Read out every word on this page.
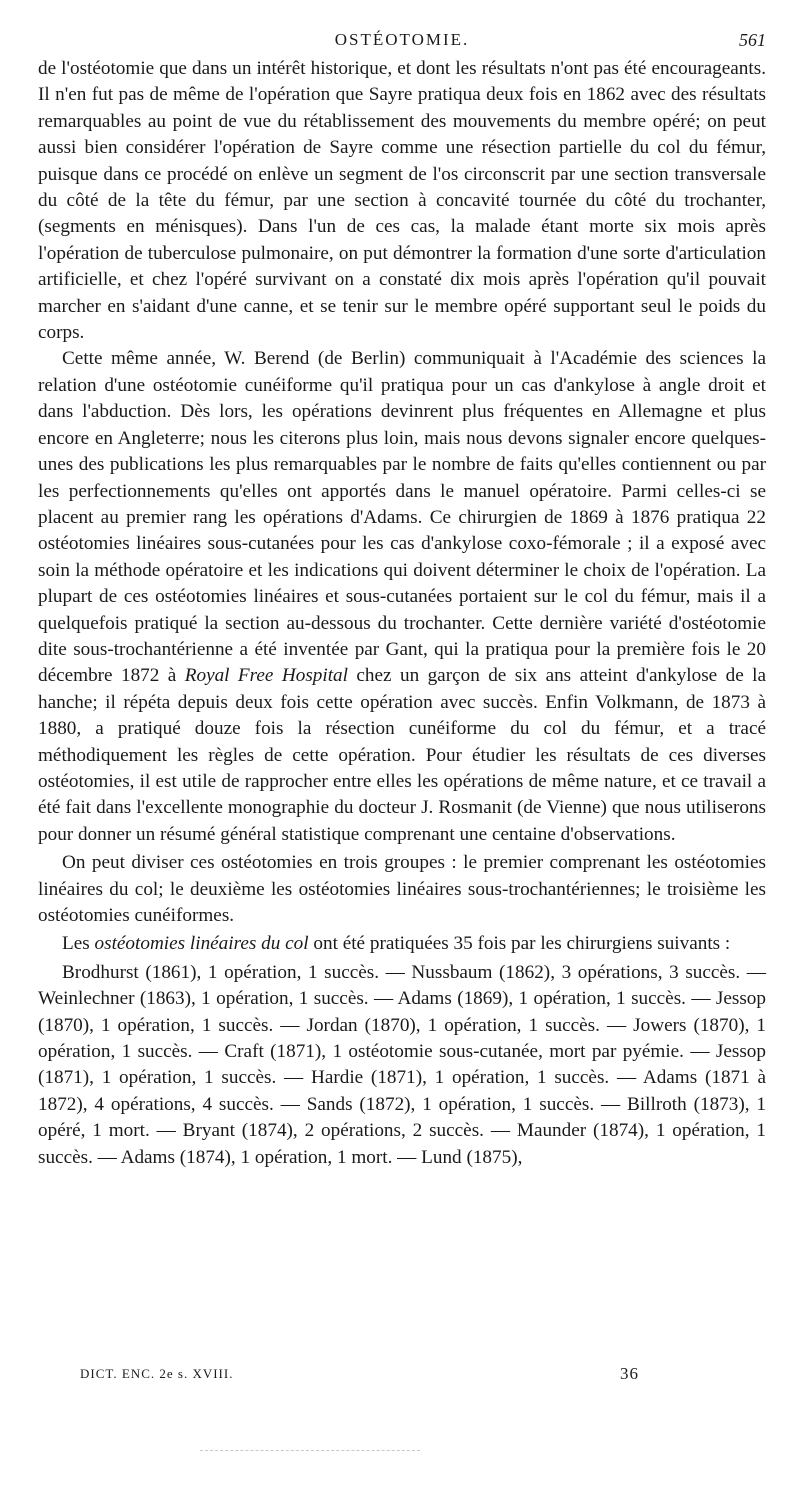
OSTÉOTOMIE.	561

de l'ostéotomie que dans un intérêt historique, et dont les résultats n'ont pas été encourageants. Il n'en fut pas de même de l'opération que Sayre pratiqua deux fois en 1862 avec des résultats remarquables au point de vue du rétablissement des mouvements du membre opéré; on peut aussi bien considérer l'opération de Sayre comme une résection partielle du col du fémur, puisque dans ce procédé on enlève un segment de l'os circonscrit par une section transversale du côté de la tête du fémur, par une section à concavité tournée du côté du trochanter, (segments en ménisques). Dans l'un de ces cas, la malade étant morte six mois après l'opération de tuberculose pulmonaire, on put démontrer la formation d'une sorte d'articulation artificielle, et chez l'opéré survivant on a constaté dix mois après l'opération qu'il pouvait marcher en s'aidant d'une canne, et se tenir sur le membre opéré supportant seul le poids du corps.

Cette même année, W. Berend (de Berlin) communiquait à l'Académie des sciences la relation d'une ostéotomie cunéiforme qu'il pratiqua pour un cas d'ankylose à angle droit et dans l'abduction. Dès lors, les opérations devinrent plus fréquentes en Allemagne et plus encore en Angleterre; nous les citerons plus loin, mais nous devons signaler encore quelques-unes des publications les plus remarquables par le nombre de faits qu'elles contiennent ou par les perfectionnements qu'elles ont apportés dans le manuel opératoire. Parmi celles-ci se placent au premier rang les opérations d'Adams. Ce chirurgien de 1869 à 1876 pratiqua 22 ostéotomies linéaires sous-cutanées pour les cas d'ankylose coxo-fémorale ; il a exposé avec soin la méthode opératoire et les indications qui doivent déterminer le choix de l'opération. La plupart de ces ostéotomies linéaires et sous-cutanées portaient sur le col du fémur, mais il a quelquefois pratiqué la section au-dessous du trochanter. Cette dernière variété d'ostéotomie dite sous-trochantérienne a été inventée par Gant, qui la pratiqua pour la première fois le 20 décembre 1872 à Royal Free Hospital chez un garçon de six ans atteint d'ankylose de la hanche; il répéta depuis deux fois cette opération avec succès. Enfin Volkmann, de 1873 à 1880, a pratiqué douze fois la résection cunéiforme du col du fémur, et a tracé méthodiquement les règles de cette opération. Pour étudier les résultats de ces diverses ostéotomies, il est utile de rapprocher entre elles les opérations de même nature, et ce travail a été fait dans l'excellente monographie du docteur J. Rosmanit (de Vienne) que nous utiliserons pour donner un résumé général statistique comprenant une centaine d'observations.

On peut diviser ces ostéotomies en trois groupes : le premier comprenant les ostéotomies linéaires du col; le deuxième les ostéotomies linéaires sous-trochantériennes; le troisième les ostéotomies cunéiformes.

Les ostéotomies linéaires du col ont été pratiquées 35 fois par les chirurgiens suivants :

Brodhurst (1861), 1 opération, 1 succès. — Nussbaum (1862), 3 opérations, 3 succès. — Weinlechner (1863), 1 opération, 1 succès. — Adams (1869), 1 opération, 1 succès. — Jessop (1870), 1 opération, 1 succès. — Jordan (1870), 1 opération, 1 succès. — Jowers (1870), 1 opération, 1 succès. — Craft (1871), 1 ostéotomie sous-cutanée, mort par pyémie. — Jessop (1871), 1 opération, 1 succès. — Hardie (1871), 1 opération, 1 succès. — Adams (1871 à 1872), 4 opérations, 4 succès. — Sands (1872), 1 opération, 1 succès. — Billroth (1873), 1 opéré, 1 mort. — Bryant (1874), 2 opérations, 2 succès. — Maunder (1874), 1 opération, 1 succès. — Adams (1874), 1 opération, 1 mort. — Lund (1875),

DICT. ENC. 2e s. XVIII.	36
